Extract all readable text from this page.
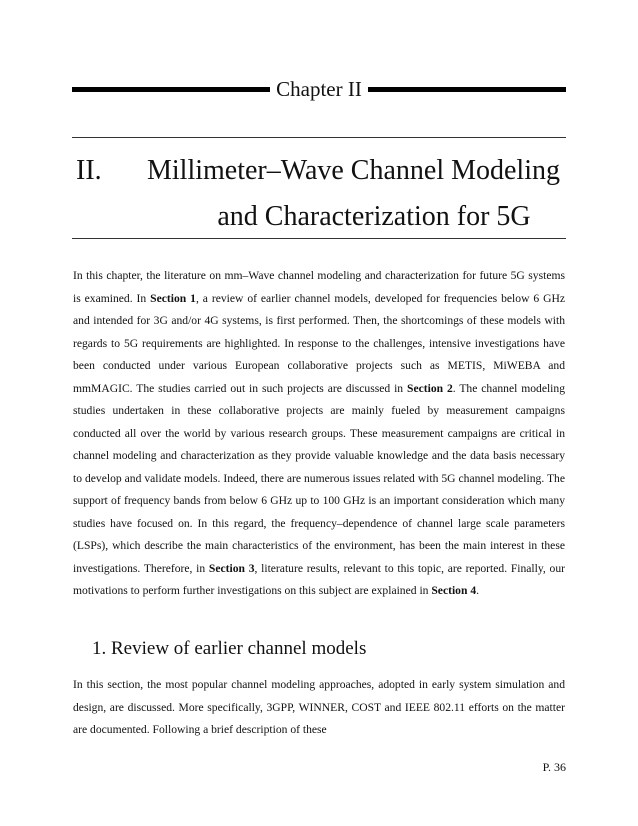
Chapter II
II.	Millimeter–Wave Channel Modeling
and Characterization for 5G

In this chapter, the literature on mm–Wave channel modeling and characterization for future 5G systems is examined. In Section 1, a review of earlier channel models, developed for frequencies below 6 GHz and intended for 3G and/or 4G systems, is first performed. Then, the shortcomings of these models with regards to 5G requirements are highlighted. In response to the challenges, intensive investigations have been conducted under various European collaborative projects such as METIS, MiWEBA and mmMAGIC. The studies carried out in such projects are discussed in Section 2. The channel modeling studies undertaken in these collaborative projects are mainly fueled by measurement campaigns conducted all over the world by various research groups. These measurement campaigns are critical in channel modeling and characterization as they provide valuable knowledge and the data basis necessary to develop and validate models. Indeed, there are numerous issues related with 5G channel modeling. The support of frequency bands from below 6 GHz up to 100 GHz is an important consideration which many studies have focused on. In this regard, the frequency–dependence of channel large scale parameters (LSPs), which describe the main characteristics of the environment, has been the main interest in these investigations. Therefore, in Section 3, literature results, relevant to this topic, are reported. Finally, our motivations to perform further investigations on this subject are explained in Section 4.

1. Review of earlier channel models

In this section, the most popular channel modeling approaches, adopted in early system simulation and design, are discussed. More specifically, 3GPP, WINNER, COST and IEEE 802.11 efforts on the matter are documented. Following a brief description of these

P. 36
